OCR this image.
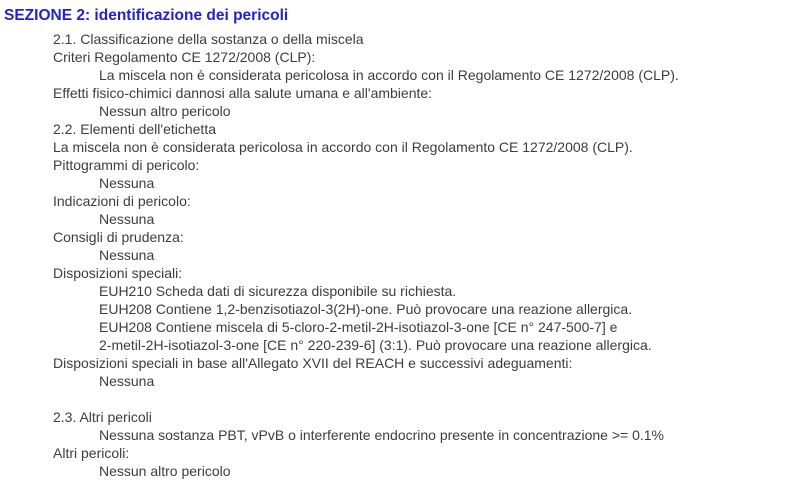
SEZIONE 2: identificazione dei pericoli
2.1. Classificazione della sostanza o della miscela
Criteri Regolamento CE 1272/2008 (CLP):
La miscela non è considerata pericolosa in accordo con il Regolamento CE 1272/2008 (CLP).
Effetti fisico-chimici dannosi alla salute umana e all'ambiente:
Nessun altro pericolo
2.2. Elementi dell'etichetta
La miscela non è considerata pericolosa in accordo con il Regolamento CE 1272/2008 (CLP).
Pittogrammi di pericolo:
Nessuna
Indicazioni di pericolo:
Nessuna
Consigli di prudenza:
Nessuna
Disposizioni speciali:
EUH210 Scheda dati di sicurezza disponibile su richiesta.
EUH208 Contiene 1,2-benzisotiazol-3(2H)-one. Può provocare una reazione allergica.
EUH208 Contiene miscela di 5-cloro-2-metil-2H-isotiazol-3-one [CE n° 247-500-7] e
2-metil-2H-isotiazol-3-one [CE n° 220-239-6] (3:1). Può provocare una reazione allergica.
Disposizioni speciali in base all'Allegato XVII del REACH e successivi adeguamenti:
Nessuna
2.3. Altri pericoli
Nessuna sostanza PBT, vPvB o interferente endocrino presente in concentrazione >= 0.1%
Altri pericoli:
Nessun altro pericolo
